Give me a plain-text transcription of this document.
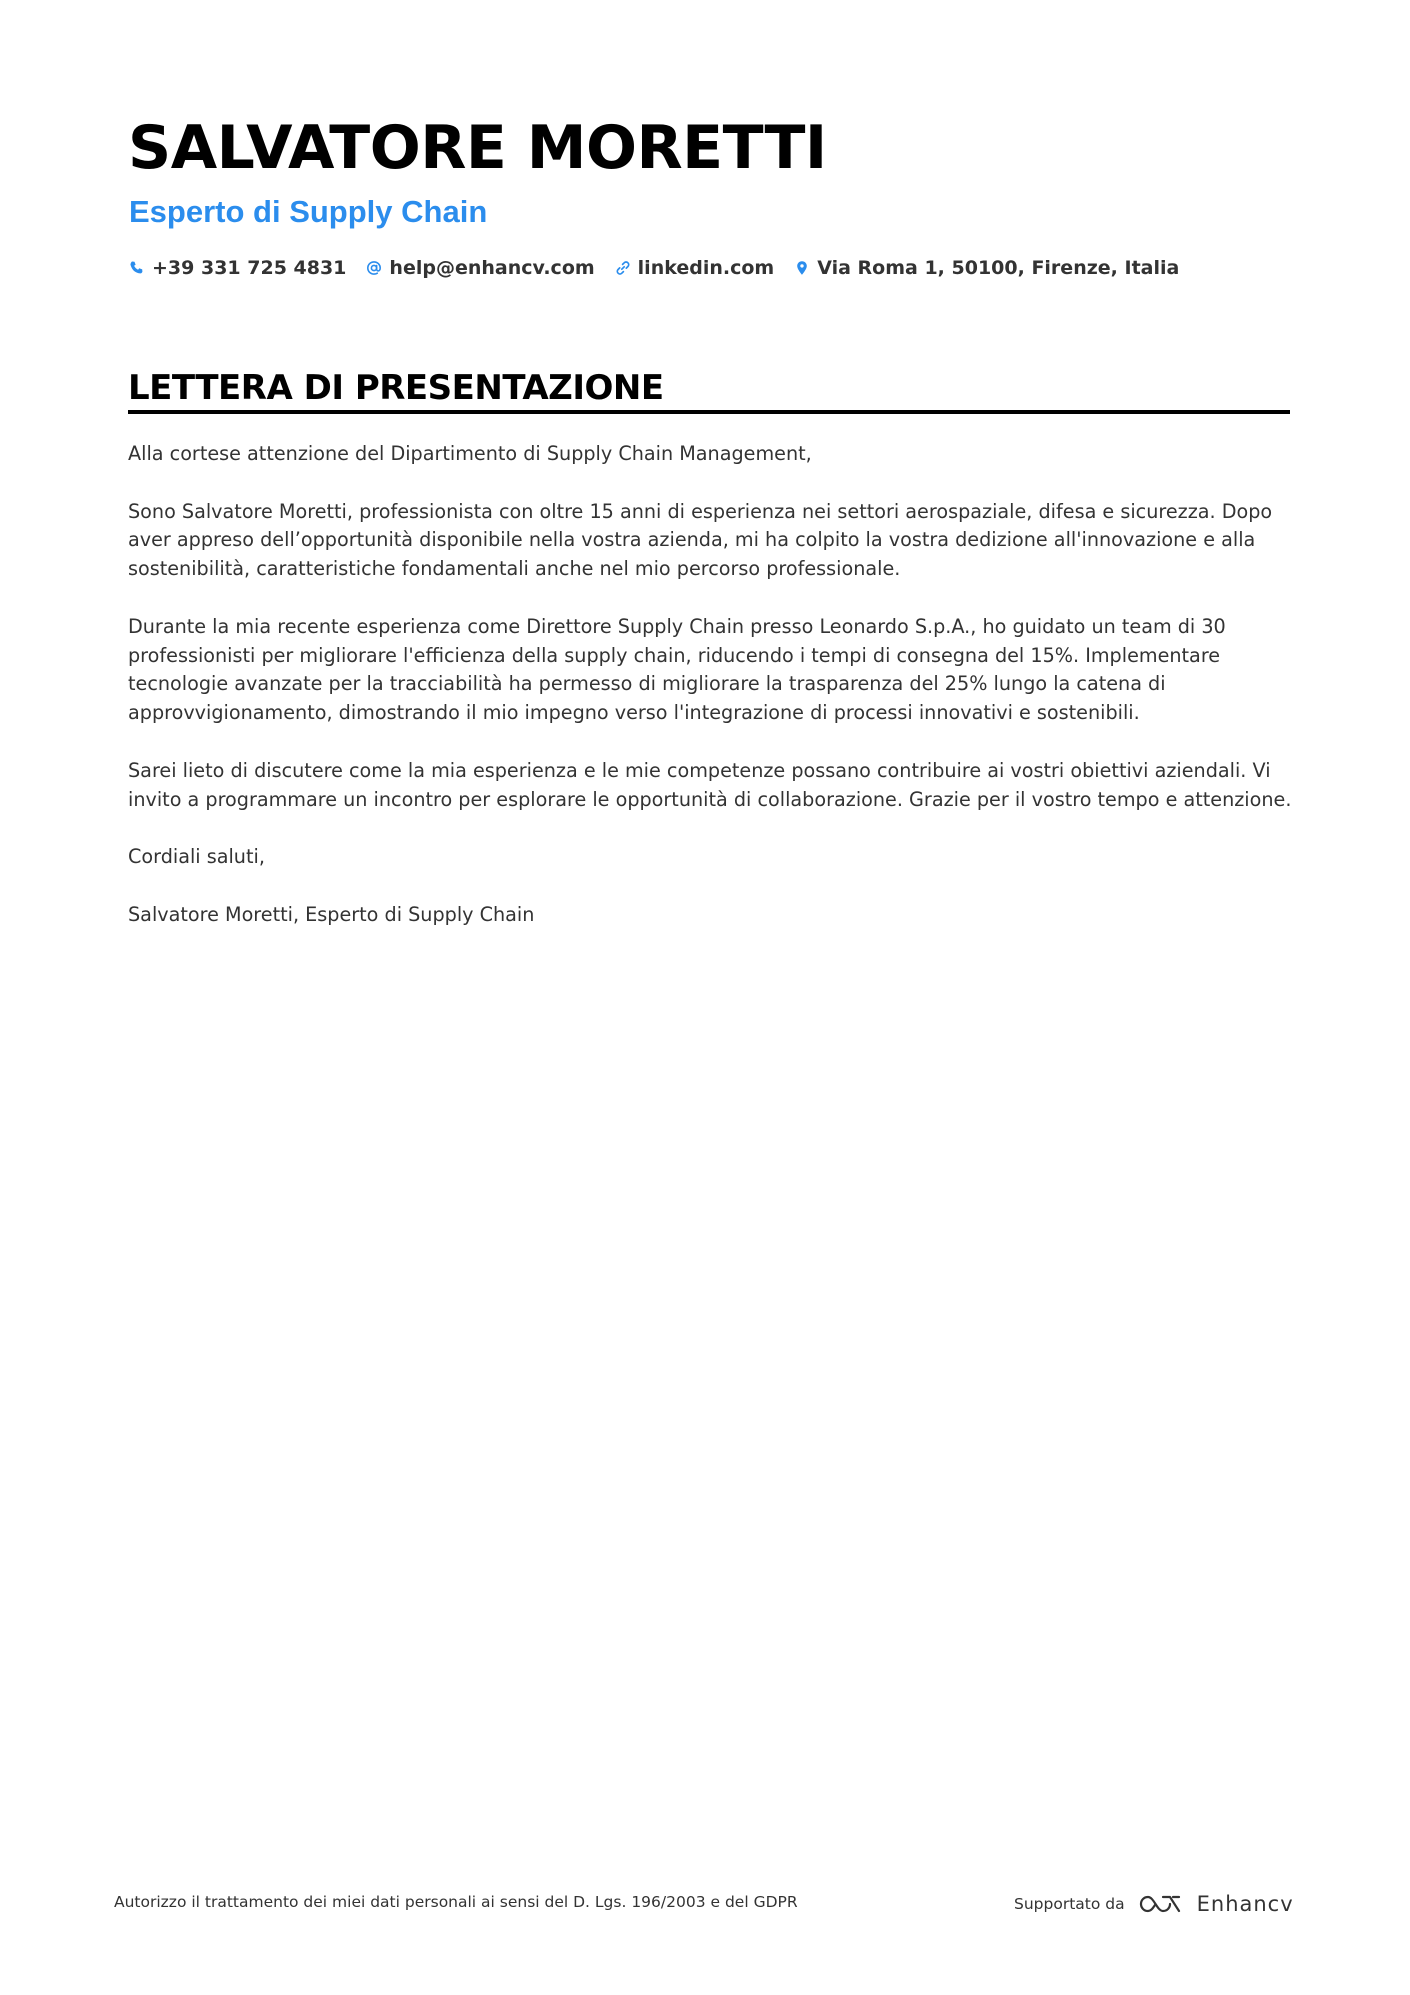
SALVATORE MORETTI
Esperto di Supply Chain
+39 331 725 4831 help@enhancv.com linkedin.com Via Roma 1, 50100, Firenze, Italia
LETTERA DI PRESENTAZIONE

Alla cortese attenzione del Dipartimento di Supply Chain Management,

Sono Salvatore Moretti, professionista con oltre 15 anni di esperienza nei settori aerospaziale, difesa e sicurezza. Dopo aver appreso dell’opportunità disponibile nella vostra azienda, mi ha colpito la vostra dedizione all'innovazione e alla sostenibilità, caratteristiche fondamentali anche nel mio percorso professionale.

Durante la mia recente esperienza come Direttore Supply Chain presso Leonardo S.p.A., ho guidato un team di 30 professionisti per migliorare l'efficienza della supply chain, riducendo i tempi di consegna del 15%. Implementare tecnologie avanzate per la tracciabilità ha permesso di migliorare la trasparenza del 25% lungo la catena di approvvigionamento, dimostrando il mio impegno verso l'integrazione di processi innovativi e sostenibili.

Sarei lieto di discutere come la mia esperienza e le mie competenze possano contribuire ai vostri obiettivi aziendali. Vi invito a programmare un incontro per esplorare le opportunità di collaborazione. Grazie per il vostro tempo e attenzione.

Cordiali saluti,

Salvatore Moretti, Esperto di Supply Chain

Autorizzo il trattamento dei miei dati personali ai sensi del D. Lgs. 196/2003 e del GDPR	Supportato da	Enhancv
